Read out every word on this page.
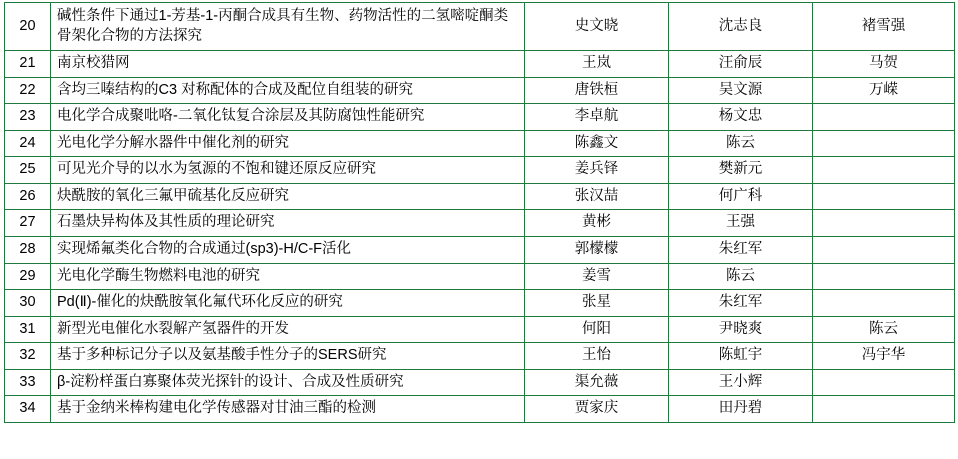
20	碱性条件下通过1-芳基-1-丙酮合成具有生物、药物活性的二氢嘧啶酮类骨架化合物的方法探究	史文晓	沈志良	褚雪强
21	南京校猎网	王岚	汪俞辰	马贺
22	含均三嗪结构的C3 对称配体的合成及配位自组装的研究	唐铁桓	吴文源	万嵘
23	电化学合成聚吡咯-二氧化钛复合涂层及其防腐蚀性能研究	李卓航	杨文忠	
24	光电化学分解水器件中催化剂的研究	陈鑫文	陈云	
25	可见光介导的以水为氢源的不饱和键还原反应研究	姜兵铎	樊新元	
26	炔酰胺的氧化三氟甲硫基化反应研究	张汉喆	何广科	
27	石墨炔异构体及其性质的理论研究	黄彬	王强	
28	实现烯氟类化合物的合成通过(sp3)-H/C-F活化	郭檬檬	朱红军	
29	光电化学酶生物燃料电池的研究	姜雪	陈云	
30	Pd(Ⅱ)-催化的炔酰胺氧化氟代环化反应的研究	张星	朱红军	
31	新型光电催化水裂解产氢器件的开发	何阳	尹晓爽	陈云
32	基于多种标记分子以及氨基酸手性分子的SERS研究	王怡	陈虹宇	冯宇华
33	β-淀粉样蛋白寡聚体荧光探针的设计、合成及性质研究	渠允薇	王小辉	
34	基于金纳米棒构建电化学传感器对甘油三酯的检测	贾家庆	田丹碧	
